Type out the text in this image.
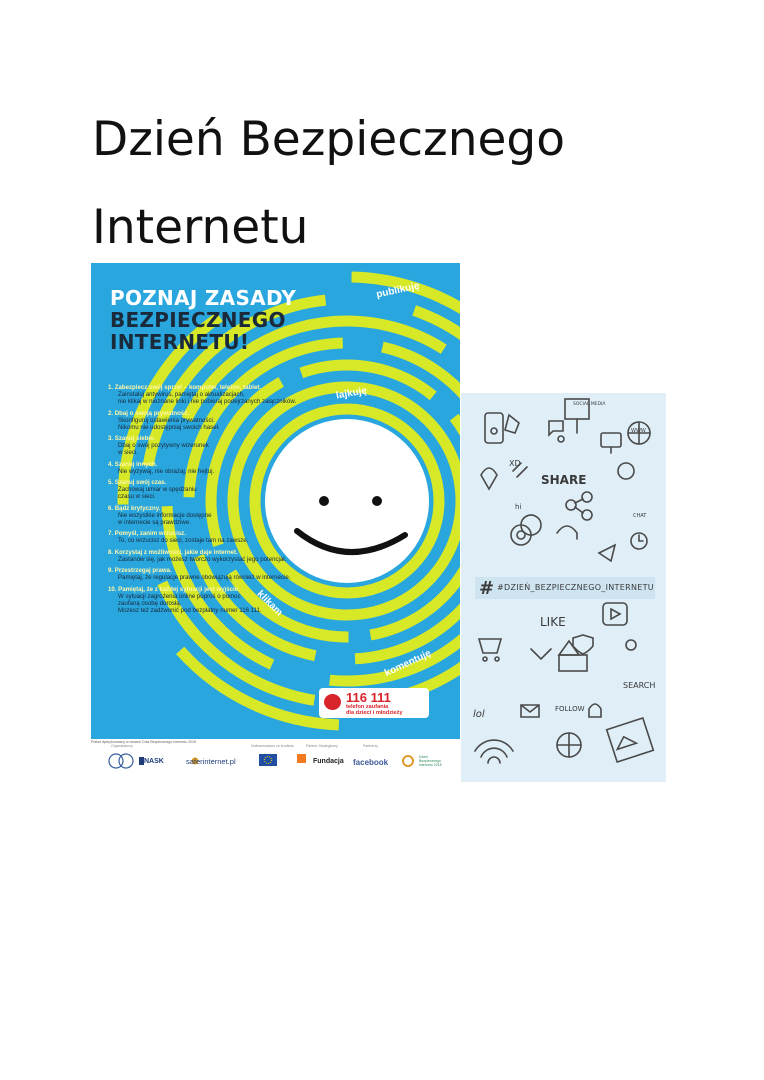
Dzień Bezpiecznego Internetu
POZNAJ ZASADY
BEZPIECZNEGO
INTERNETU!
publikuję
lajkuję
klikam
komentuję
1. Zabezpiecz swój sprzęt – komputer, telefon, tablet.
Zainstaluj antywirus, pamiętaj o aktualizacjach,
nie klikaj w nieznane linki i nie pobieraj podejrzanych załączników.
2. Dbaj o swoją prywatność.
Skonfiguruj ustawienia prywatności.
Nikomu nie udostępniaj swoich haseł.
3. Szanuj siebie.
Dbaj o swój pozytywny wizerunek
w sieci.
4. Szanuj innych.
Nie wyzywaj, nie obrażaj, nie hejtuj.
5. Szanuj swój czas.
Zachowaj umiar w spędzaniu
czasu w sieci.
6. Bądź krytyczny.
Nie wszystkie informacje dostępne
w internecie są prawdziwe.
7. Pomyśl, zanim wrzucisz.
To, co wrzucisz do sieci, zostaje tam na zawsze.
8. Korzystaj z możliwości, jakie daje internet.
Zastanów się, jak możesz twórczo wykorzystać jego potencjał.
9. Przestrzegaj prawa.
Pamiętaj, że regulacje prawne obowiązują również w internecie.
10. Pamiętaj, że z każdej sytuacji jest wyjście.
W sytuacji zagrożenia online poproś o pomoc
zaufaną osobę dorosłą.
Możesz też zadzwonić pod bezpłatny numer 116 111.
116 111
telefon zaufania
dla dzieci i młodzieży
Plakat dystrybuowany w ramach Dnia Bezpiecznego Internetu 2018
Organizatorzy	Dofinansowano ze środków	Partner Strategiczny	Partnerzy
NASK	saferinternet.pl	Fundacja facebook
Dzień Bezpiecznego Internetu 2018
SOCIAL MEDIA
WWW
SHARE
LIKE
SEARCH
FOLLOW
CHAT
lol
XD
hi
# #DZIEŃ_BEZPIECZNEGO_INTERNETU
